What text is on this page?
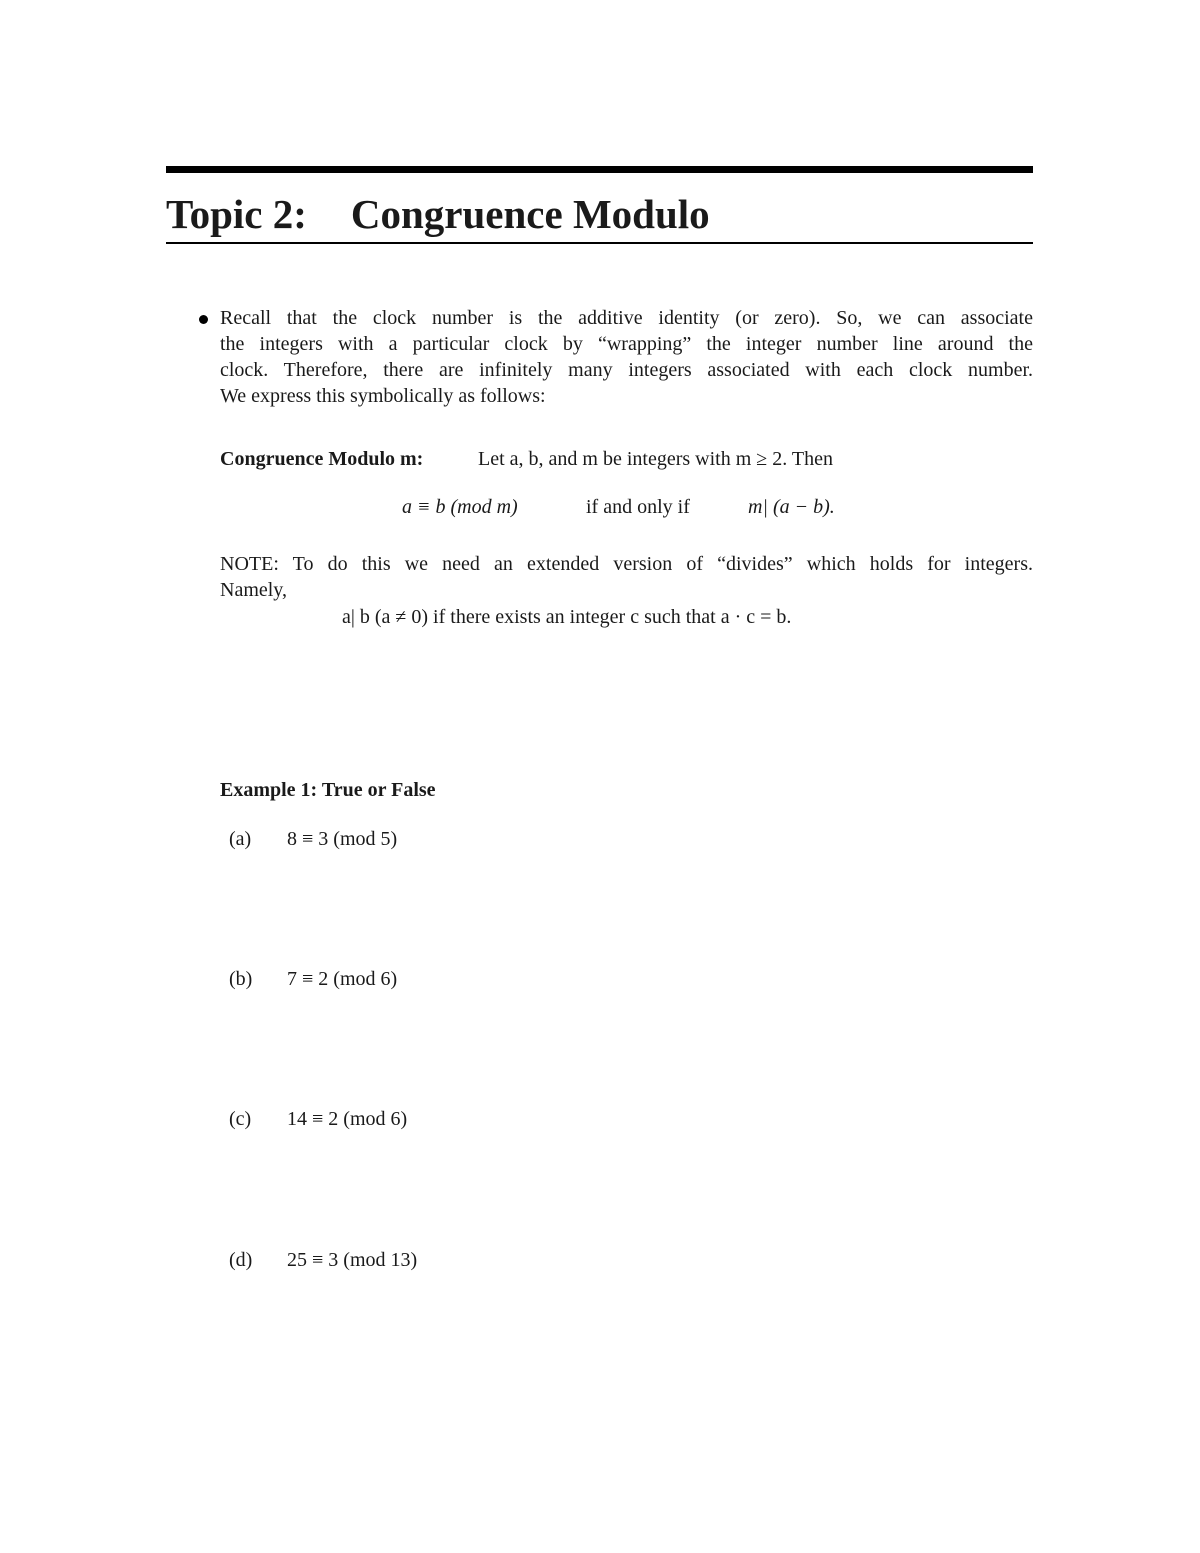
Topic 2: Congruence Modulo
Recall that the clock number is the additive identity (or zero). So, we can associate
the integers with a particular clock by “wrapping” the integer number line around the
clock. Therefore, there are infinitely many integers associated with each clock number.
We express this symbolically as follows:
Congruence Modulo m:	Let a, b, and m be integers with m ≥ 2. Then
a ≡ b (mod m)	if and only if	m| (a − b).
NOTE: To do this we need an extended version of “divides” which holds for integers.
Namely,
a| b (a ≠ 0) if there exists an integer c such that a · c = b.
Example 1: True or False
(a) 8 ≡ 3 (mod 5)
(b) 7 ≡ 2 (mod 6)
(c) 14 ≡ 2 (mod 6)
(d) 25 ≡ 3 (mod 13)
